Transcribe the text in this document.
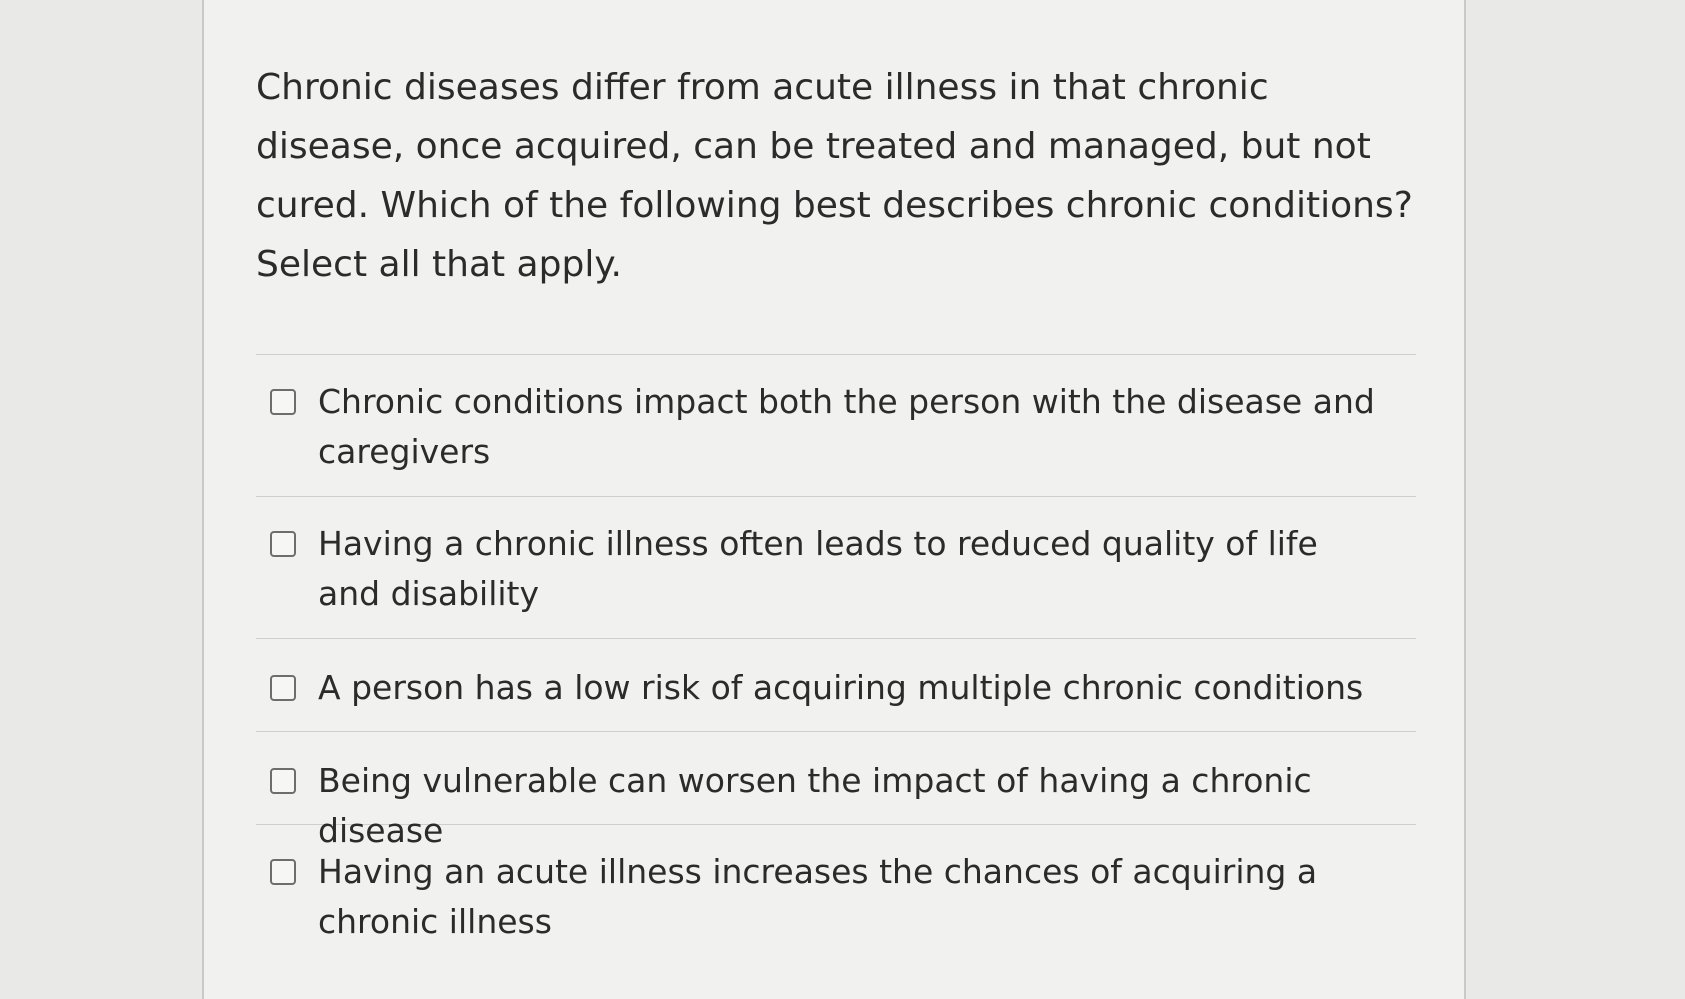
Chronic diseases differ from acute illness in that chronic disease, once acquired, can be treated and managed, but not cured. Which of the following best describes chronic conditions? Select all that apply.

Chronic conditions impact both the person with the disease and caregivers
Having a chronic illness often leads to reduced quality of life and disability
A person has a low risk of acquiring multiple chronic conditions
Being vulnerable can worsen the impact of having a chronic disease
Having an acute illness increases the chances of acquiring a chronic illness
